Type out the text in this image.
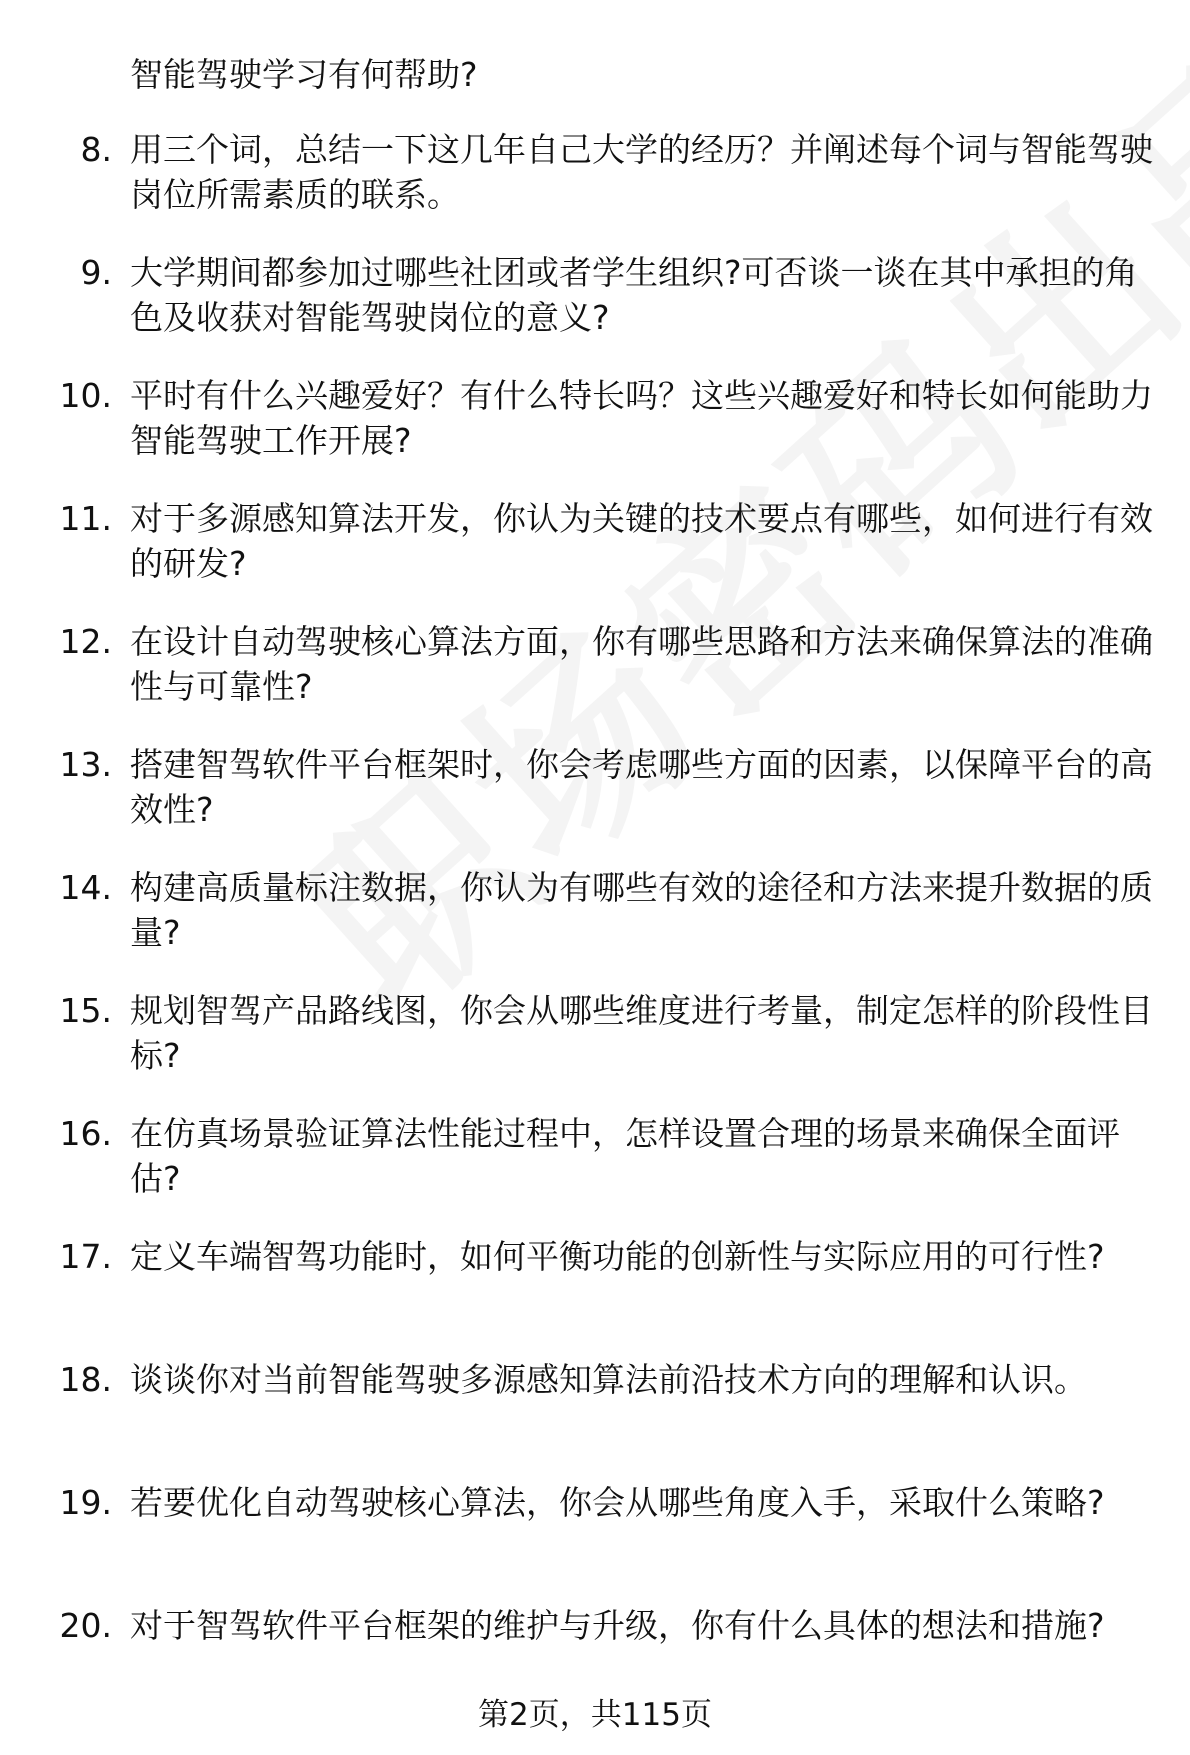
智能驾驶学习有何帮助?
8. 用三个词，总结一下这几年自己大学的经历？并阐述每个词与智能驾驶岗位所需素质的联系。
9. 大学期间都参加过哪些社团或者学生组织?可否谈一谈在其中承担的角色及收获对智能驾驶岗位的意义?
10. 平时有什么兴趣爱好？有什么特长吗？这些兴趣爱好和特长如何能助力智能驾驶工作开展?
11. 对于多源感知算法开发，你认为关键的技术要点有哪些，如何进行有效的研发?
12. 在设计自动驾驶核心算法方面，你有哪些思路和方法来确保算法的准确性与可靠性?
13. 搭建智驾软件平台框架时，你会考虑哪些方面的因素，以保障平台的高效性?
14. 构建高质量标注数据，你认为有哪些有效的途径和方法来提升数据的质量?
15. 规划智驾产品路线图，你会从哪些维度进行考量，制定怎样的阶段性目标?
16. 在仿真场景验证算法性能过程中，怎样设置合理的场景来确保全面评估?
17. 定义车端智驾功能时，如何平衡功能的创新性与实际应用的可行性?
18. 谈谈你对当前智能驾驶多源感知算法前沿技术方向的理解和认识。
19. 若要优化自动驾驶核心算法，你会从哪些角度入手，采取什么策略?
20. 对于智驾软件平台框架的维护与升级，你有什么具体的想法和措施?
第2页，共115页
